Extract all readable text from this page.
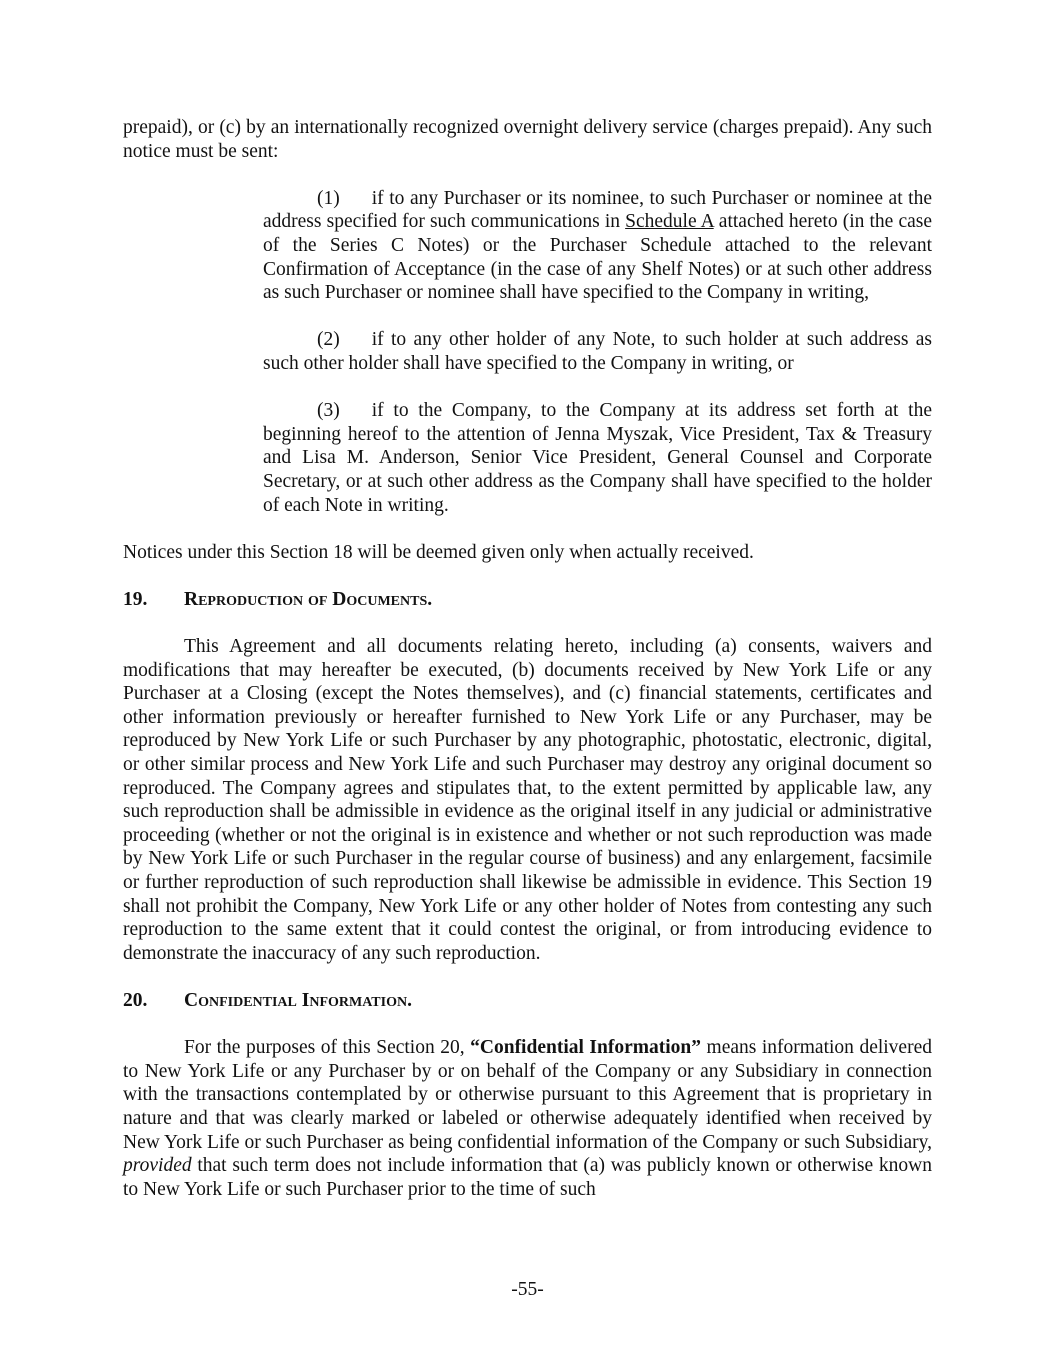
prepaid), or (c) by an internationally recognized overnight delivery service (charges prepaid). Any such notice must be sent:

(1) if to any Purchaser or its nominee, to such Purchaser or nominee at the address specified for such communications in Schedule A attached hereto (in the case of the Series C Notes) or the Purchaser Schedule attached to the relevant Confirmation of Acceptance (in the case of any Shelf Notes) or at such other address as such Purchaser or nominee shall have specified to the Company in writing,

(2) if to any other holder of any Note, to such holder at such address as such other holder shall have specified to the Company in writing, or

(3) if to the Company, to the Company at its address set forth at the beginning hereof to the attention of Jenna Myszak, Vice President, Tax & Treasury and Lisa M. Anderson, Senior Vice President, General Counsel and Corporate Secretary, or at such other address as the Company shall have specified to the holder of each Note in writing.

Notices under this Section 18 will be deemed given only when actually received.

19. Reproduction of Documents.

This Agreement and all documents relating hereto, including (a) consents, waivers and modifications that may hereafter be executed, (b) documents received by New York Life or any Purchaser at a Closing (except the Notes themselves), and (c) financial statements, certificates and other information previously or hereafter furnished to New York Life or any Purchaser, may be reproduced by New York Life or such Purchaser by any photographic, photostatic, electronic, digital, or other similar process and New York Life and such Purchaser may destroy any original document so reproduced. The Company agrees and stipulates that, to the extent permitted by applicable law, any such reproduction shall be admissible in evidence as the original itself in any judicial or administrative proceeding (whether or not the original is in existence and whether or not such reproduction was made by New York Life or such Purchaser in the regular course of business) and any enlargement, facsimile or further reproduction of such reproduction shall likewise be admissible in evidence. This Section 19 shall not prohibit the Company, New York Life or any other holder of Notes from contesting any such reproduction to the same extent that it could contest the original, or from introducing evidence to demonstrate the inaccuracy of any such reproduction.

20. Confidential Information.

For the purposes of this Section 20, “Confidential Information” means information delivered to New York Life or any Purchaser by or on behalf of the Company or any Subsidiary in connection with the transactions contemplated by or otherwise pursuant to this Agreement that is proprietary in nature and that was clearly marked or labeled or otherwise adequately identified when received by New York Life or such Purchaser as being confidential information of the Company or such Subsidiary, provided that such term does not include information that (a) was publicly known or otherwise known to New York Life or such Purchaser prior to the time of such

-55-
